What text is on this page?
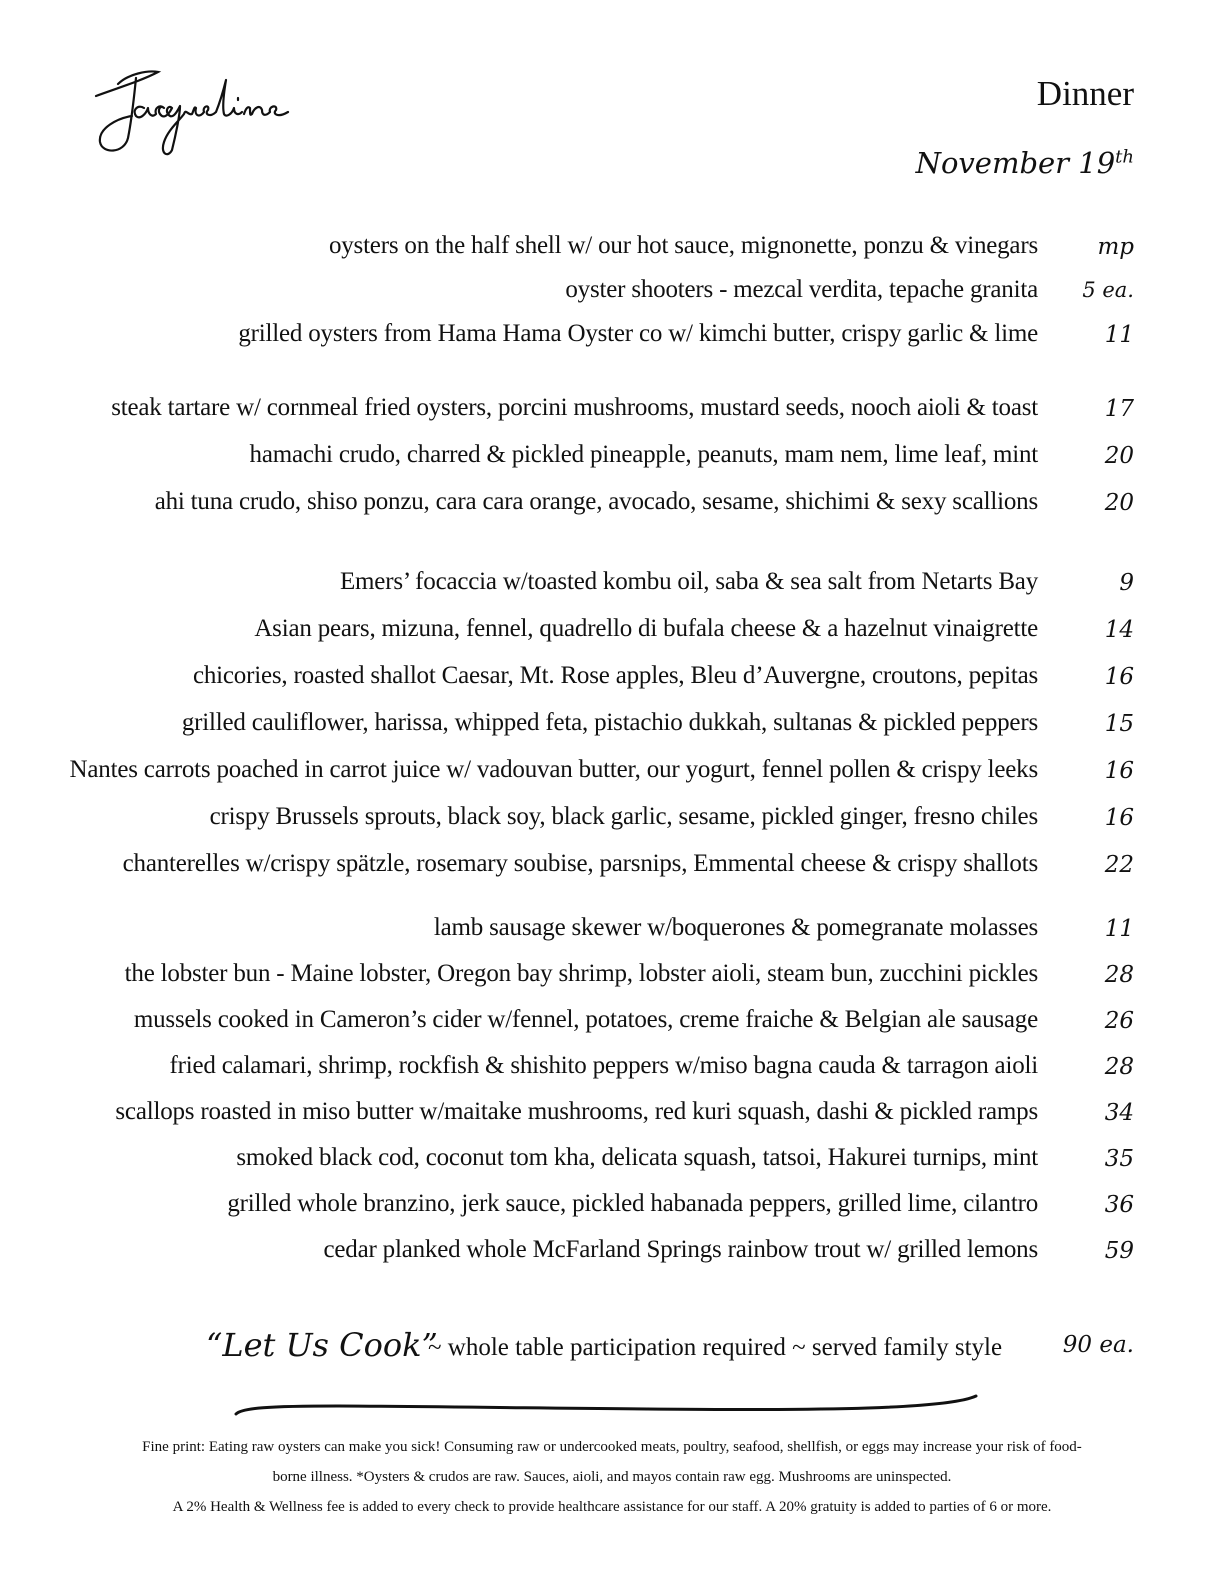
Dinner
November 19th
oysters on the half shell w/ our hot sauce, mignonette, ponzu & vinegars	mp
oyster shooters - mezcal verdita, tepache granita	5 ea.
grilled oysters from Hama Hama Oyster co w/ kimchi butter, crispy garlic & lime	11
steak tartare w/ cornmeal fried oysters, porcini mushrooms, mustard seeds, nooch aioli & toast	17
hamachi crudo, charred & pickled pineapple, peanuts, mam nem, lime leaf, mint	20
ahi tuna crudo, shiso ponzu, cara cara orange, avocado, sesame, shichimi & sexy scallions	20
Emers’ focaccia w/toasted kombu oil, saba & sea salt from Netarts Bay	9
Asian pears, mizuna, fennel, quadrello di bufala cheese & a hazelnut vinaigrette	14
chicories, roasted shallot Caesar, Mt. Rose apples, Bleu d’Auvergne, croutons, pepitas	16
grilled cauliflower, harissa, whipped feta, pistachio dukkah, sultanas & pickled peppers	15
Nantes carrots poached in carrot juice w/ vadouvan butter, our yogurt, fennel pollen & crispy leeks	16
crispy Brussels sprouts, black soy, black garlic, sesame, pickled ginger, fresno chiles	16
chanterelles w/crispy spätzle, rosemary soubise, parsnips, Emmental cheese & crispy shallots	22
lamb sausage skewer w/boquerones & pomegranate molasses	11
the lobster bun - Maine lobster, Oregon bay shrimp, lobster aioli, steam bun, zucchini pickles	28
mussels cooked in Cameron’s cider w/fennel, potatoes, creme fraiche & Belgian ale sausage	26
fried calamari, shrimp, rockfish & shishito peppers w/miso bagna cauda & tarragon aioli	28
scallops roasted in miso butter w/maitake mushrooms, red kuri squash, dashi & pickled ramps	34
smoked black cod, coconut tom kha, delicata squash, tatsoi, Hakurei turnips, mint	35
grilled whole branzino, jerk sauce, pickled habanada peppers, grilled lime, cilantro	36
cedar planked whole McFarland Springs rainbow trout w/ grilled lemons	59
“Let Us Cook”
~ whole table participation required ~ served family style	90 ea.
Fine print: Eating raw oysters can make you sick! Consuming raw or undercooked meats, poultry, seafood, shellfish, or eggs may increase your risk of food-
borne illness. *Oysters & crudos are raw. Sauces, aioli, and mayos contain raw egg. Mushrooms are uninspected.
A 2% Health & Wellness fee is added to every check to provide healthcare assistance for our staff. A 20% gratuity is added to parties of 6 or more.
